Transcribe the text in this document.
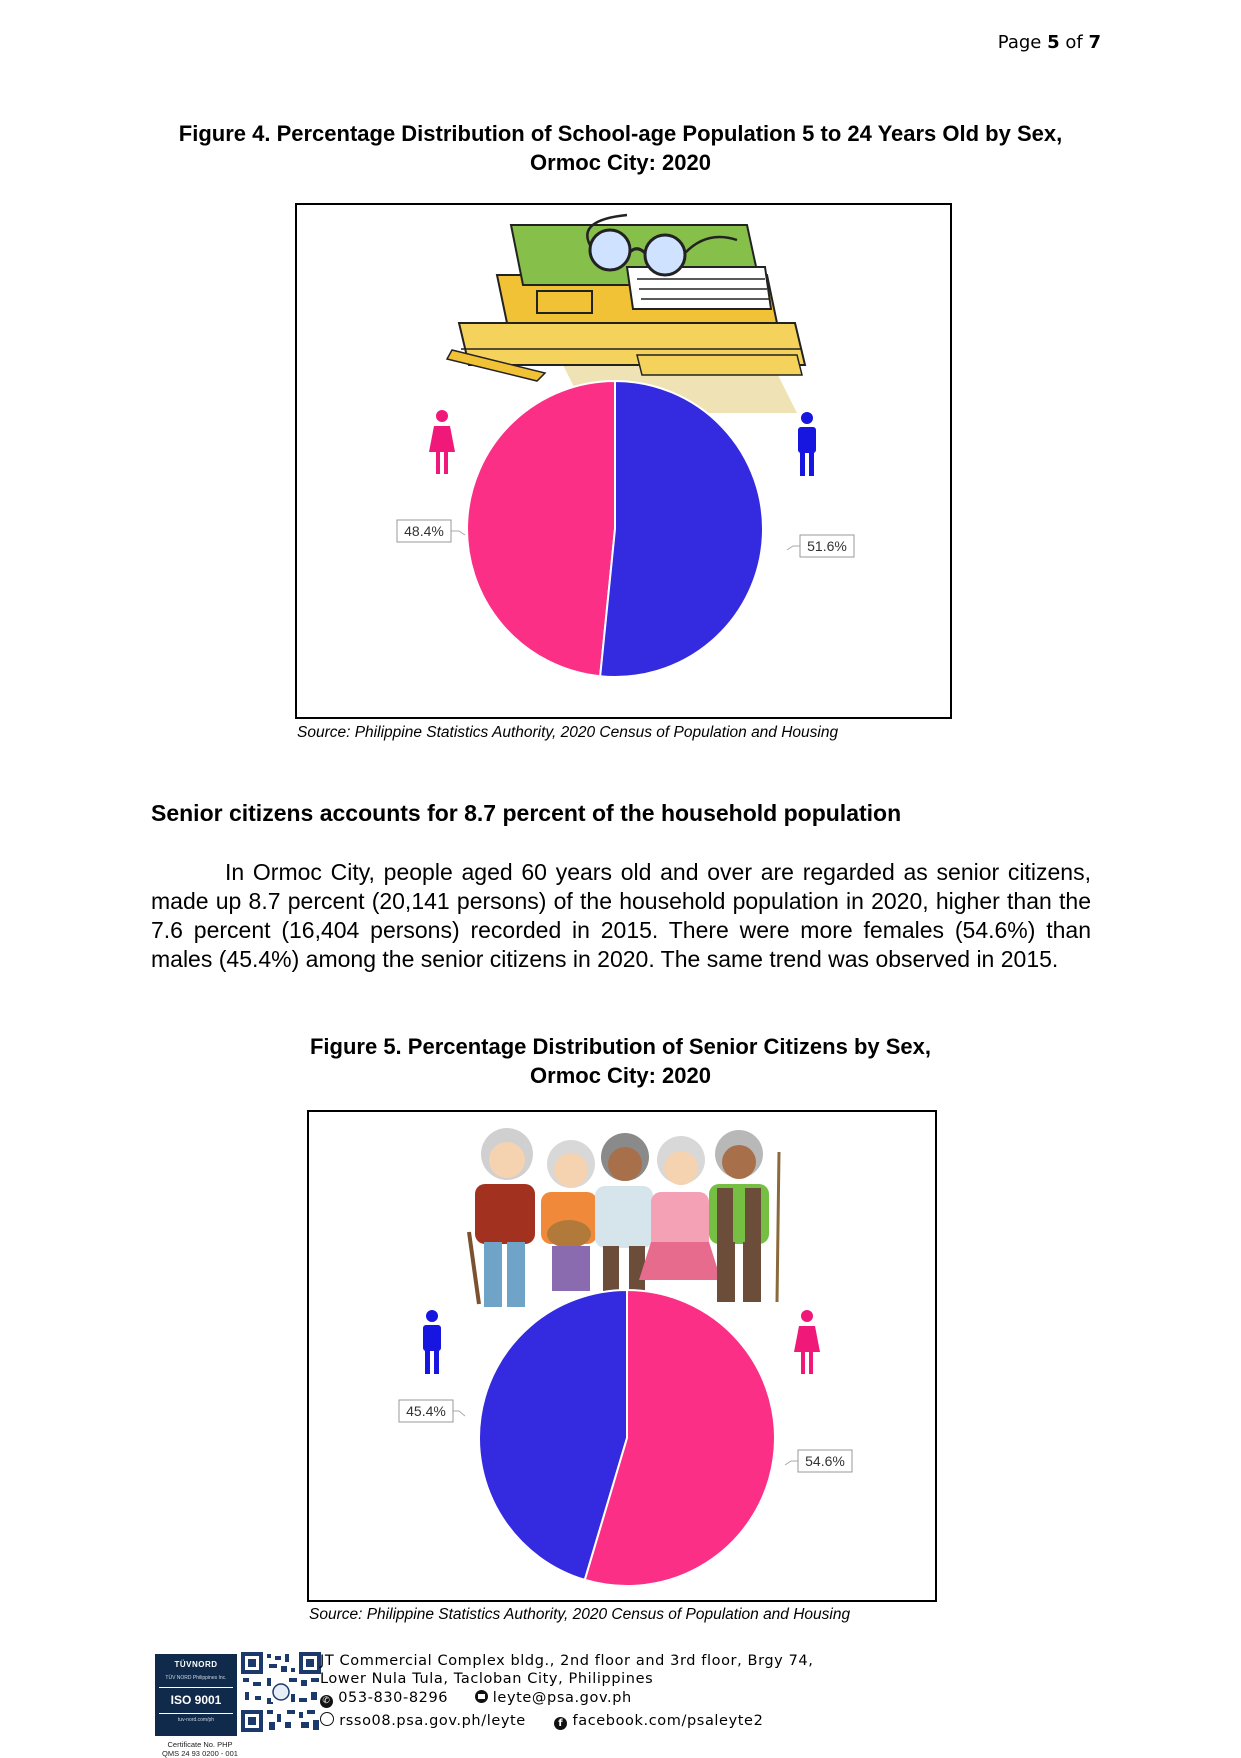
Page 5 of 7
Figure 4. Percentage Distribution of School-age Population 5 to 24 Years Old by Sex,
Ormoc City: 2020
48.4%
51.6%
Source: Philippine Statistics Authority, 2020 Census of Population and Housing
Senior citizens accounts for 8.7 percent of the household population
In Ormoc City, people aged 60 years old and over are regarded as senior citizens, made up 8.7 percent (20,141 persons) of the household population in 2020, higher than the 7.6 percent (16,404 persons) recorded in 2015. There were more females (54.6%) than males (45.4%) among the senior citizens in 2020. The same trend was observed in 2015.
Figure 5. Percentage Distribution of Senior Citizens by Sex,
Ormoc City: 2020
45.4%
54.6%
Source: Philippine Statistics Authority, 2020 Census of Population and Housing
TÜVNORD
TÜV NORD Philippines Inc.
ISO 9001
tuv-nord.com/ph
Certificate No. PHP
QMS 24 93 0200 - 001
JT Commercial Complex bldg., 2nd floor and 3rd floor, Brgy 74,
Lower Nula Tula, Tacloban City, Philippines
✆ 053-830-8296	leyte@psa.gov.ph
rsso08.psa.gov.ph/leyte	f facebook.com/psaleyte2
